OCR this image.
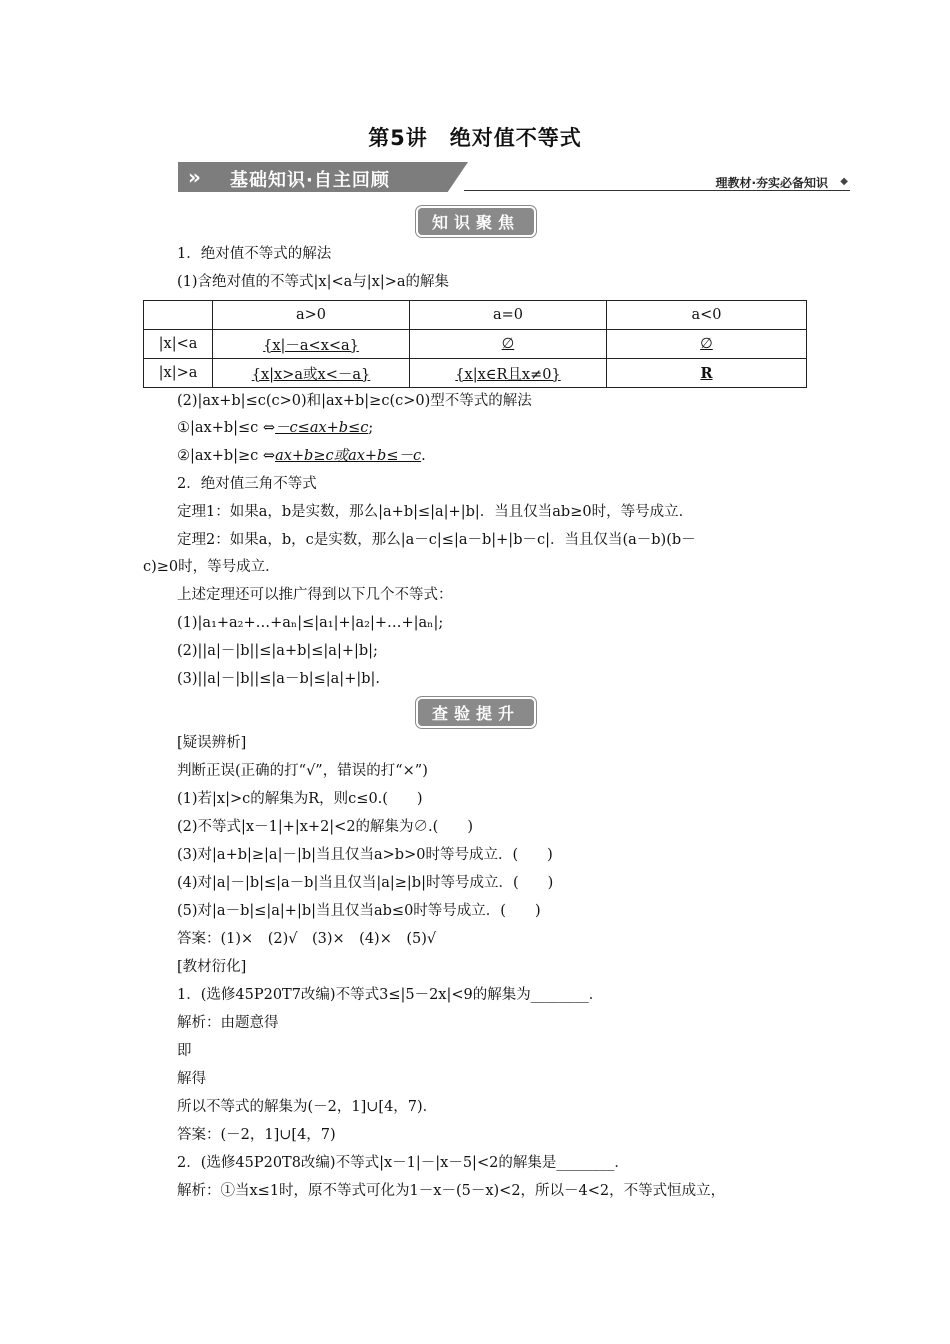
第5讲　绝对值不等式
» 基础知识·自主回顾	理教材·夯实必备知识 ◆
知识聚焦
1．绝对值不等式的解法
(1)含绝对值的不等式|x|<a与|x|>a的解集
	a>0	a=0	a<0
|x|<a	{x|－a<x<a}	∅	∅
|x|>a	{x|x>a或x<－a}	{x|x∈R且x≠0}	R
(2)|ax+b|≤c(c>0)和|ax+b|≥c(c>0)型不等式的解法
①|ax+b|≤c ⇔－c≤ax+b≤c;
②|ax+b|≥c ⇔ax+b≥c或ax+b≤－c.
2．绝对值三角不等式
定理1：如果a，b是实数，那么|a+b|≤|a|+|b|．当且仅当ab≥0时，等号成立．
定理2：如果a，b，c是实数，那么|a－c|≤|a－b|+|b－c|．当且仅当(a－b)(b－
c)≥0时，等号成立．
上述定理还可以推广得到以下几个不等式：
(1)|a₁+a₂+…+aₙ|≤|a₁|+|a₂|+…+|aₙ|;
(2)||a|－|b||≤|a+b|≤|a|+|b|;
(3)||a|－|b||≤|a－b|≤|a|+|b|.
查验提升
[疑误辨析]
判断正误(正确的打“√”，错误的打“×”)
(1)若|x|>c的解集为R，则c≤0.(　　)
(2)不等式|x－1|+|x+2|<2的解集为∅.(　　)
(3)对|a+b|≥|a|－|b|当且仅当a>b>0时等号成立．(　　)
(4)对|a|－|b|≤|a－b|当且仅当|a|≥|b|时等号成立．(　　)
(5)对|a－b|≤|a|+|b|当且仅当ab≤0时等号成立．(　　)
答案：(1)×　(2)√　(3)×　(4)×　(5)√
[教材衍化]
1．(选修45P20T7改编)不等式3≤|5－2x|<9的解集为________．
解析：由题意得
即
解得
所以不等式的解集为(－2，1]∪[4，7)．
答案：(－2，1]∪[4，7)
2．(选修45P20T8改编)不等式|x－1|－|x－5|<2的解集是________．
解析：①当x≤1时，原不等式可化为1－x－(5－x)<2，所以－4<2，不等式恒成立，
